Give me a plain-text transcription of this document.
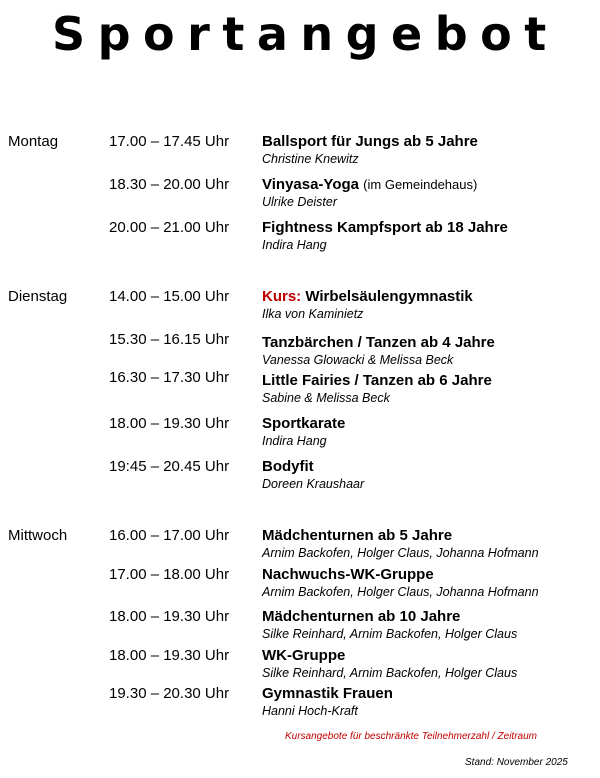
Sportangebot
Montag
Dienstag
Mittwoch
17.00 – 17.45 Uhr Ballsport für Jungs ab 5 Jahre
Christine Knewitz
18.30 – 20.00 Uhr Vinyasa-Yoga (im Gemeindehaus)
Ulrike Deister
20.00 – 21.00 Uhr Fightness Kampfsport ab 18 Jahre
Indira Hang
14.00 – 15.00 Uhr Kurs: Wirbelsäulengymnastik
Ilka von Kaminietz
15.30 – 16.15 Uhr Tanzbärchen / Tanzen ab 4 Jahre
Vanessa Glowacki & Melissa Beck
16.30 – 17.30 Uhr Little Fairies / Tanzen ab 6 Jahre
Sabine & Melissa Beck
18.00 – 19.30 Uhr Sportkarate
Indira Hang
19:45 – 20.45 Uhr Bodyfit
Doreen Kraushaar
16.00 – 17.00 Uhr Mädchenturnen ab 5 Jahre
Arnim Backofen, Holger Claus, Johanna Hofmann
17.00 – 18.00 Uhr Nachwuchs-WK-Gruppe
Arnim Backofen, Holger Claus, Johanna Hofmann
18.00 – 19.30 Uhr Mädchenturnen ab 10 Jahre
Silke Reinhard, Arnim Backofen, Holger Claus
18.00 – 19.30 Uhr WK-Gruppe
Silke Reinhard, Arnim Backofen, Holger Claus
19.30 – 20.30 Uhr Gymnastik Frauen
Hanni Hoch-Kraft
Kursangebote für beschränkte Teilnehmerzahl / Zeitraum
Stand: November 2025
